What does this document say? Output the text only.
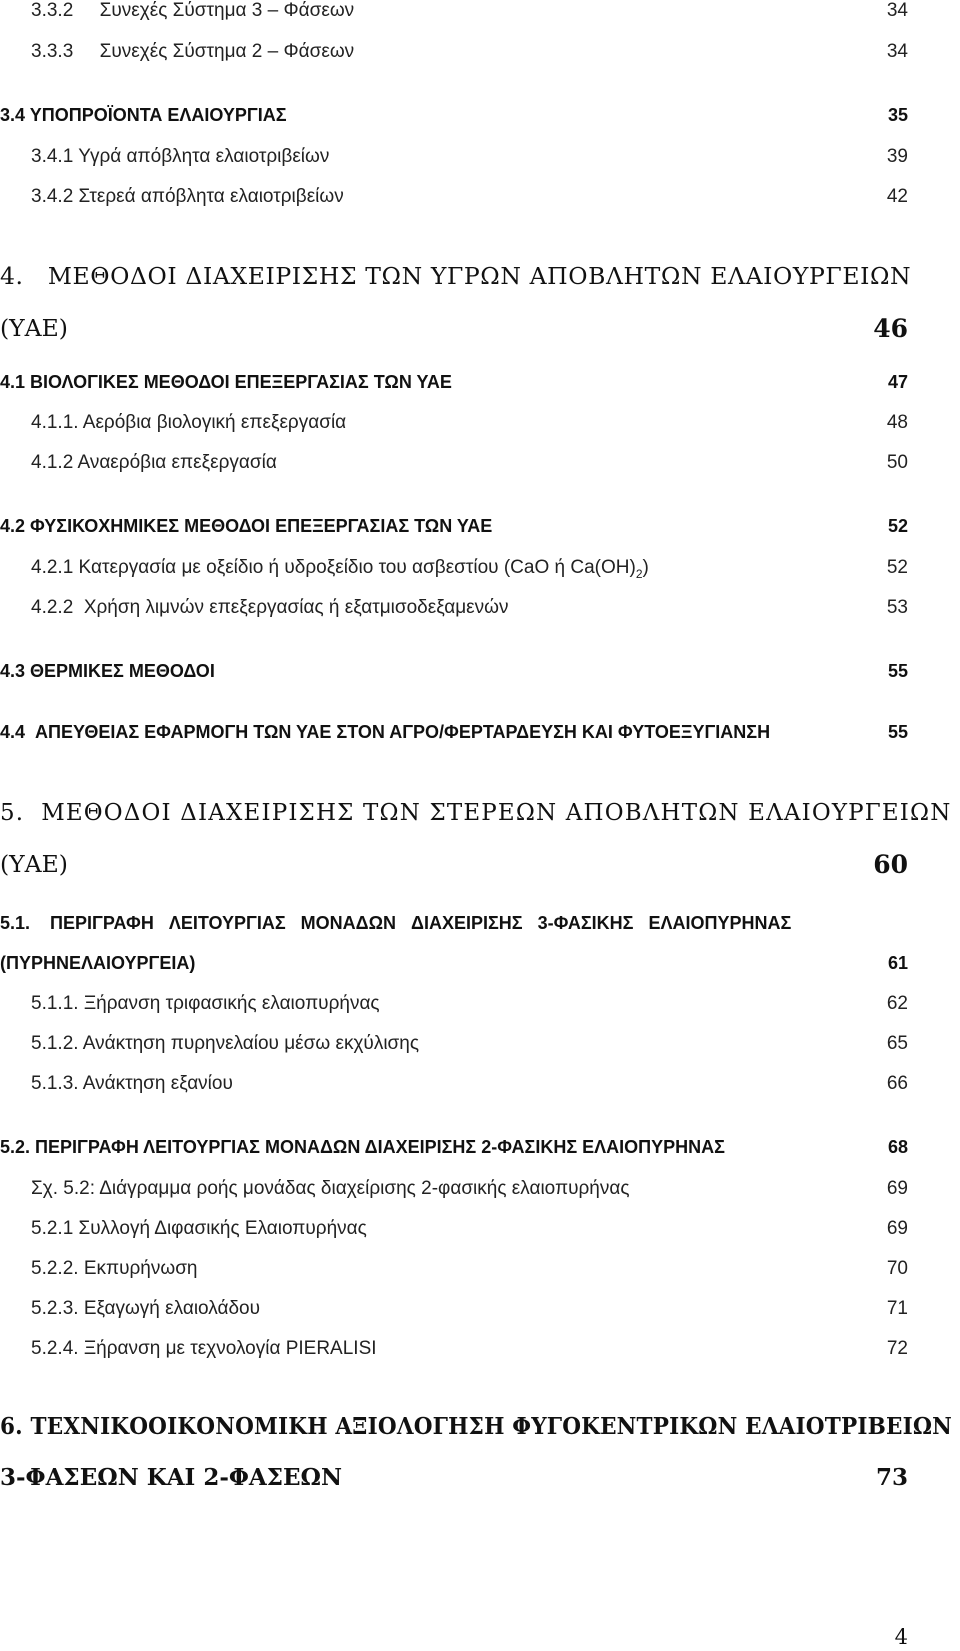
3.3.2     Συνεχές Σύστημα 3 – Φάσεων	34
3.3.3     Συνεχές Σύστημα 2 – Φάσεων	34
3.4 ΥΠΟΠΡΟΪΟΝΤΑ ΕΛΑΙΟΥΡΓΙΑΣ	35
3.4.1 Υγρά απόβλητα ελαιοτριβείων	39
3.4.2 Στερεά απόβλητα ελαιοτριβείων	42
4.   ΜΕΘΟΔΟΙ ΔΙΑΧΕΙΡΙΣΗΣ ΤΩΝ ΥΓΡΩΝ ΑΠΟΒΛΗΤΩΝ ΕΛΑΙΟΥΡΓΕΙΩΝ
(ΥΑΕ)	46
4.1 ΒΙΟΛΟΓΙΚΕΣ ΜΕΘΟΔΟΙ ΕΠΕΞΕΡΓΑΣΙΑΣ ΤΩΝ ΥΑΕ	47
4.1.1. Αερόβια βιολογική επεξεργασία	48
4.1.2 Αναερόβια επεξεργασία	50
4.2 ΦΥΣΙΚΟΧΗΜΙΚΕΣ ΜΕΘΟΔΟΙ ΕΠΕΞΕΡΓΑΣΙΑΣ ΤΩΝ ΥΑΕ	52
4.2.1 Κατεργασία με οξείδιο ή υδροξείδιο του ασβεστίου (CaO ή $Ca(OH)_2$)	52
4.2.2  Χρήση λιμνών επεξεργασίας ή εξατμισοδεξαμενών	53
4.3 ΘΕΡΜΙΚΕΣ ΜΕΘΟΔΟΙ	55
4.4  ΑΠΕΥΘΕΙΑΣ ΕΦΑΡΜΟΓΗ ΤΩΝ ΥΑΕ ΣΤΟΝ ΑΓΡΟ/ΦΕΡΤΑΡΔΕΥΣΗ ΚΑΙ ΦΥΤΟΕΞΥΓΙΑΝΣΗ	55
5.  ΜΕΘΟΔΟΙ ΔΙΑΧΕΙΡΙΣΗΣ ΤΩΝ ΣΤΕΡΕΩΝ ΑΠΟΒΛΗΤΩΝ ΕΛΑΙΟΥΡΓΕΙΩΝ
(ΥΑΕ)	60
5.1.    ΠΕΡΙΓΡΑΦΗ   ΛΕΙΤΟΥΡΓΙΑΣ   ΜΟΝΑΔΩΝ   ΔΙΑΧΕΙΡΙΣΗΣ   3-ΦΑΣΙΚΗΣ   ΕΛΑΙΟΠΥΡΗΝΑΣ
(ΠΥΡΗΝΕΛΑΙΟΥΡΓΕΙΑ)	61
5.1.1. Ξήρανση τριφασικής ελαιοπυρήνας	62
5.1.2. Ανάκτηση πυρηνελαίου μέσω εκχύλισης	65
5.1.3. Ανάκτηση εξανίου	66
5.2. ΠΕΡΙΓΡΑΦΗ ΛΕΙΤΟΥΡΓΙΑΣ ΜΟΝΑΔΩΝ ΔΙΑΧΕΙΡΙΣΗΣ 2-ΦΑΣΙΚΗΣ ΕΛΑΙΟΠΥΡΗΝΑΣ	68
Σχ. 5.2: Διάγραμμα ροής μονάδας διαχείρισης 2-φασικής ελαιοπυρήνας	69
5.2.1 Συλλογή Διφασικής Ελαιοπυρήνας	69
5.2.2. Εκπυρήνωση	70
5.2.3. Εξαγωγή ελαιολάδου	71
5.2.4. Ξήρανση με τεχνολογία PIERALISI	72
6. ΤΕΧΝΙΚΟΟΙΚΟΝΟΜΙΚΗ ΑΞΙΟΛΟΓΗΣΗ ΦΥΓΟΚΕΝΤΡΙΚΩΝ ΕΛΑΙΟΤΡΙΒΕΙΩΝ
3-ΦΑΣΕΩΝ ΚΑΙ 2-ΦΑΣΕΩΝ	73
4
